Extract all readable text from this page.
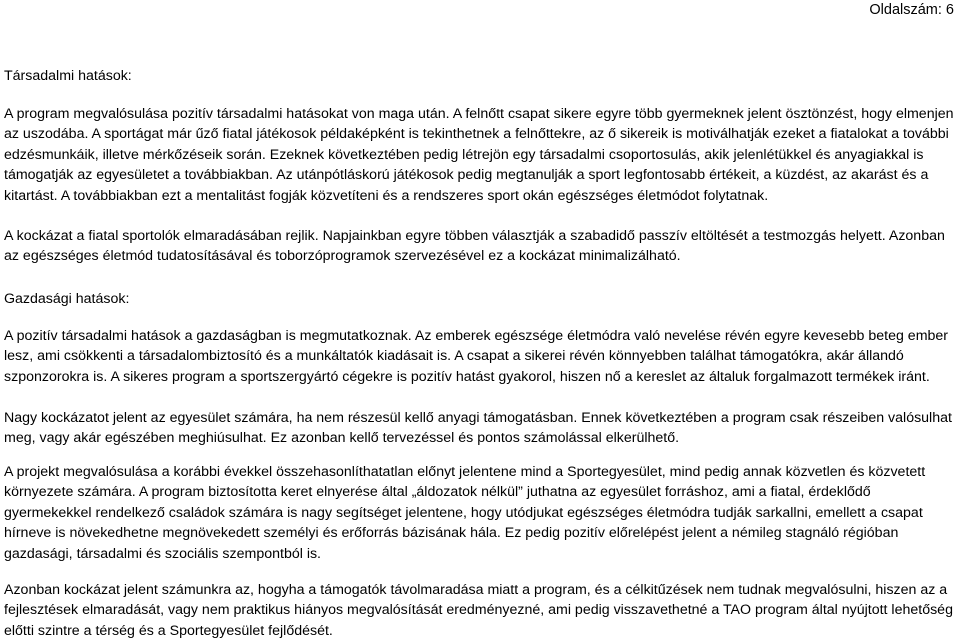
Oldalszám: 6
Társadalmi hatások:
A program megvalósulása pozitív társadalmi hatásokat von maga után. A felnőtt csapat sikere egyre több gyermeknek jelent ösztönzést, hogy elmenjen az uszodába. A sportágat már űző fiatal játékosok példaképként is tekinthetnek a felnőttekre, az ő sikereik is motiválhatják ezeket a fiatalokat a további edzésmunkáik, illetve mérkőzéseik során. Ezeknek következtében pedig létrejön egy társadalmi csoportosulás, akik jelenlétükkel és anyagiakkal is támogatják az egyesületet a továbbiakban. Az utánpótláskorú játékosok pedig megtanulják a sport legfontosabb értékeit, a küzdést, az akarást és a kitartást. A továbbiakban ezt a mentalitást fogják közvetíteni és a rendszeres sport okán egészséges életmódot folytatnak.
A kockázat a fiatal sportolók elmaradásában rejlik. Napjainkban egyre többen választják a szabadidő passzív eltöltését a testmozgás helyett. Azonban az egészséges életmód tudatosításával és toborzóprogramok szervezésével ez a kockázat minimalizálható.
Gazdasági hatások:
A pozitív társadalmi hatások a gazdaságban is megmutatkoznak. Az emberek egészsége életmódra való nevelése révén egyre kevesebb beteg ember lesz, ami csökkenti a társadalombiztosító és a munkáltatók kiadásait is. A csapat a sikerei révén könnyebben találhat támogatókra, akár állandó szponzorokra is. A sikeres program a sportszergyártó cégekre is pozitív hatást gyakorol, hiszen nő a kereslet az általuk forgalmazott termékek iránt.
Nagy kockázatot jelent az egyesület számára, ha nem részesül kellő anyagi támogatásban. Ennek következtében a program csak részeiben valósulhat meg, vagy akár egészében meghiúsulhat. Ez azonban kellő tervezéssel és pontos számolással elkerülhető.
A projekt megvalósulása a korábbi évekkel összehasonlíthatatlan előnyt jelentene mind a Sportegyesület, mind pedig annak közvetlen és közvetett környezete számára. A program biztosította keret elnyerése által „áldozatok nélkül” juthatna az egyesület forráshoz, ami a fiatal, érdeklődő gyermekekkel rendelkező családok számára is nagy segítséget jelentene, hogy utódjukat egészséges életmódra tudják sarkallni, emellett a csapat hírneve is növekedhetne megnövekedett személyi és erőforrás bázisának hála. Ez pedig pozitív előrelépést jelent a némileg stagnáló régióban gazdasági, társadalmi és szociális szempontból is.
Azonban kockázat jelent számunkra az, hogyha a támogatók távolmaradása miatt a program, és a célkitűzések nem tudnak megvalósulni, hiszen az a fejlesztések elmaradását, vagy nem praktikus hiányos megvalósítását eredményezné, ami pedig visszavethetné a TAO program által nyújtott lehetőség előtti szintre a térség és a Sportegyesület fejlődését.
